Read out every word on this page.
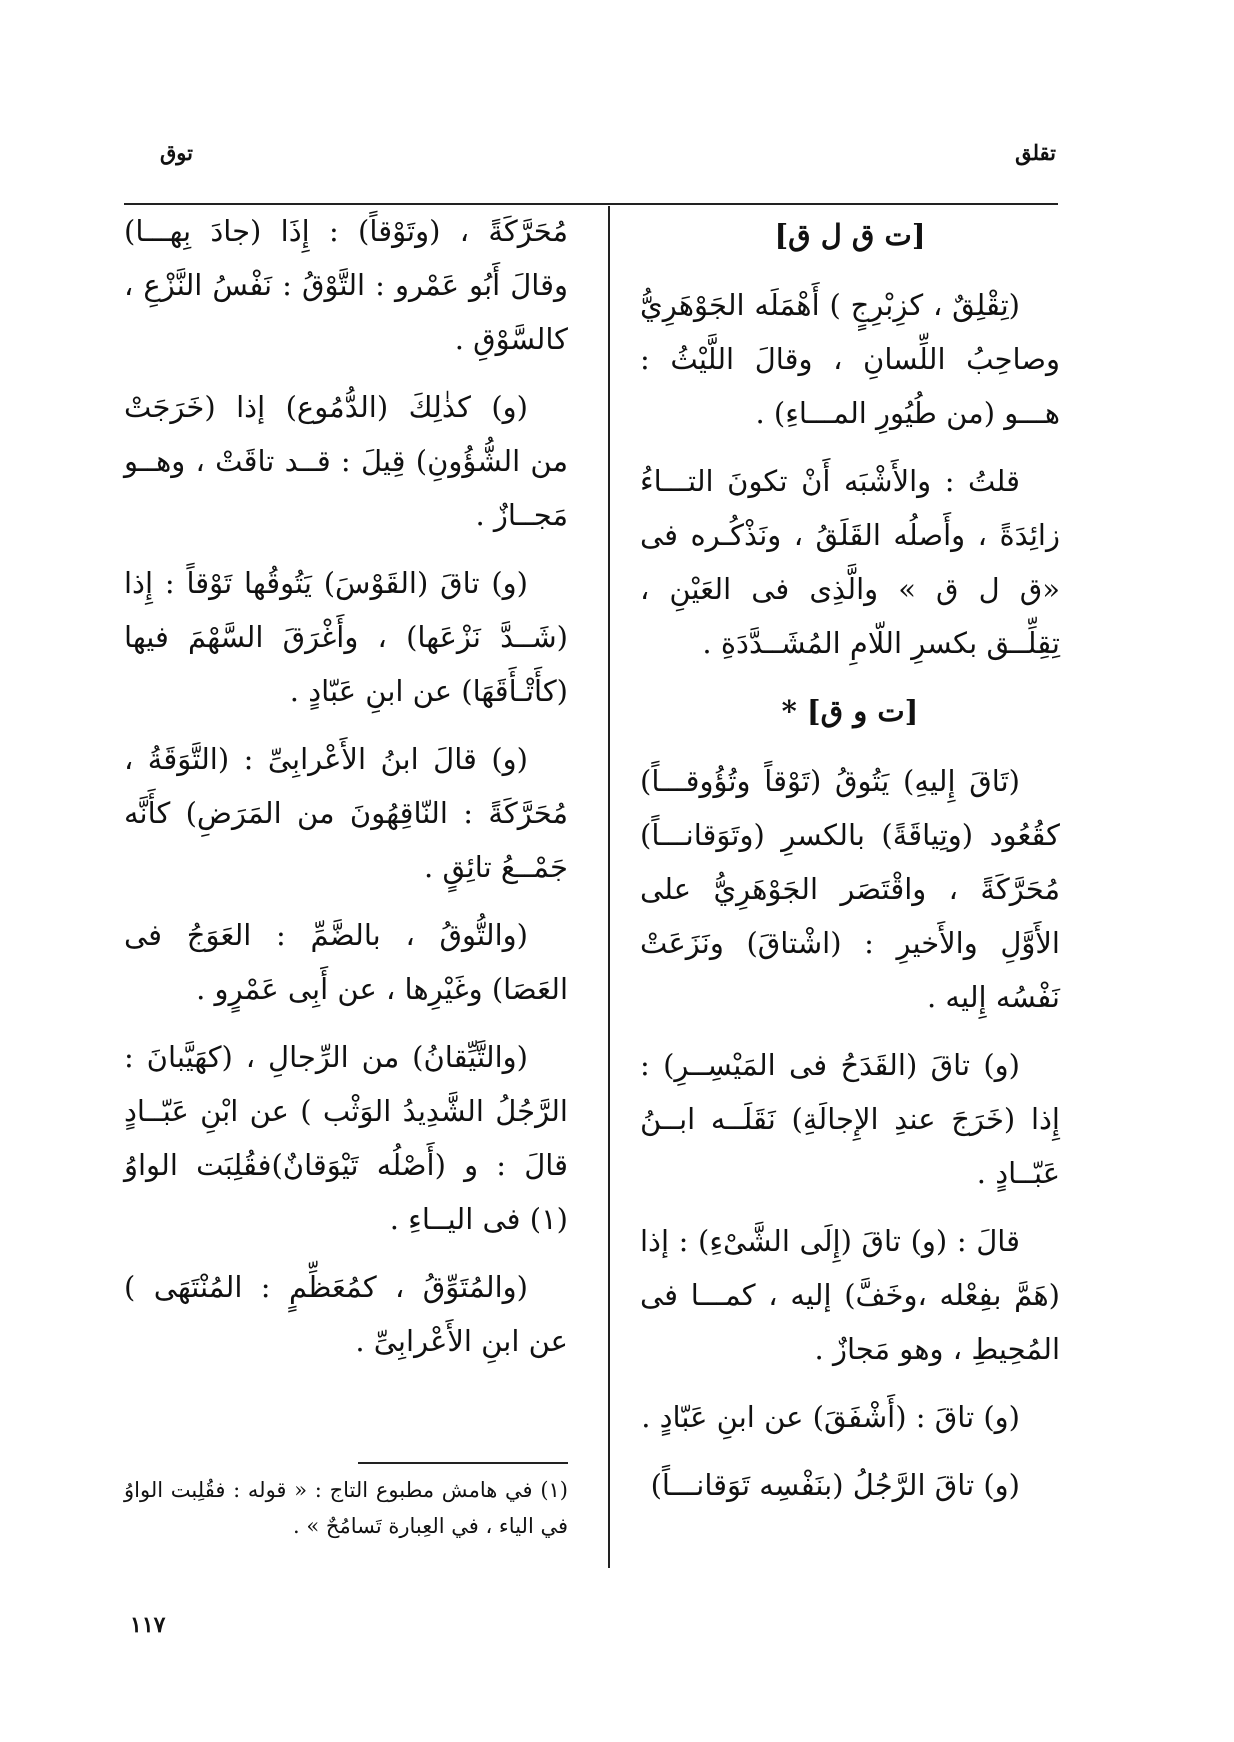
تقلق
توق
[ت ق ل ق]

(تِقْلِقٌ ، كزِبْرِجٍ ) أَهْمَلَه الجَوْهَرِيُّ وصاحِبُ اللِّسانِ ، وقالَ اللَّيْثُ : هـــو (من طُيُورِ المـــاءِ) .

قلتُ : والأَشْبَه أَنْ تكونَ التـــاءُ زائِدَةً ، وأَصلُه القَلَقُ ، ونَذْكُـره فى «ق ل ق » والَّذِى فى العَيْنِ ، تِقِلِّــق بكسرِ اللّامِ المُشَــدَّدَةِ .

[ت و ق] *

(تَاقَ إِليهِ) يَتُوقُ (تَوْقاً وتُؤُوقـــاً) كقُعُود (وتِياقَةً) بالكسرِ (وتَوَقانـــاً) مُحَرَّكَةً ، واقْتَصَر الجَوْهَرِيُّ على الأَوَّلِ والأَخيرِ : (اشْتاقَ) ونَزَعَتْ نَفْسُه إِليه .

(و) تاقَ (القَدَحُ فى المَيْسِــرِ) : إِذا (خَرَجَ عندِ الإِجالَةِ) نَقَلَــه ابــنُ عَبّــادٍ .

قالَ : (و) تاقَ (إِلَى الشَّىْءِ) : إذا (هَمَّ بفِعْله ،وخَفَّ) إليه ، كمـــا فى المُحِيطِ ، وهو مَجازٌ .

(و) تاقَ : (أَشْفَقَ) عن ابنِ عَبّادٍ .

(و) تاقَ الرَّجُلُ (بنَفْسِه تَوَقانـــاً)

مُحَرَّكَةً ، (وتَوْقاً) : إِذَا (جادَ بِهـــا) وقالَ أَبُو عَمْرو : التَّوْقُ : نَفْسُ النَّزْعِ ، كالسَّوْقِ .

(و) كذٰلِكَ (الدُّمُوع) إذا (خَرَجَتْ من الشُّؤُونِ) قِيلَ : قــد تاقَتْ ، وهــو مَجــازٌ .

(و) تاقَ (القَوْسَ) يَتُوقُها تَوْقاً : إِذا (شَــدَّ نَزْعَها) ، وأَغْرَقَ السَّهْمَ فيها (كأَتْـأَقَهَا) عن ابنِ عَبّادٍ .

(و) قالَ ابنُ الأَعْرابِىِّ : (التَّوَقَةُ ، مُحَرَّكَةً : النّاقِهُونَ من المَرَضِ) كأَنَّه جَمْــعُ تائِقٍ .

(والتُّوقُ ، بالضَّمِّ : العَوَجُ فى العَصَا) وغَيْرِها ، عن أَبِى عَمْرٍو .

(والتَّيِّقانُ) من الرِّجالِ ، (كهَيَّبانَ : الرَّجُلُ الشَّدِيدُ الوَثْب ) عن ابْنِ عَبّــادٍ قالَ : و (أَصْلُه تَيْوَقانٌ)فقُلِبَت الواوُ (١) فى اليــاءِ .

(والمُتَوِّقُ ، كمُعَظِّمٍ : المُنْتَهَى ) عن ابنِ الأَعْرابِىِّ .

(١) في هامش مطبوع التاج : « قوله : فقُلِبت الواوُ في الياء ، في العِبارة تَسامُحٌ » .
١١٧
